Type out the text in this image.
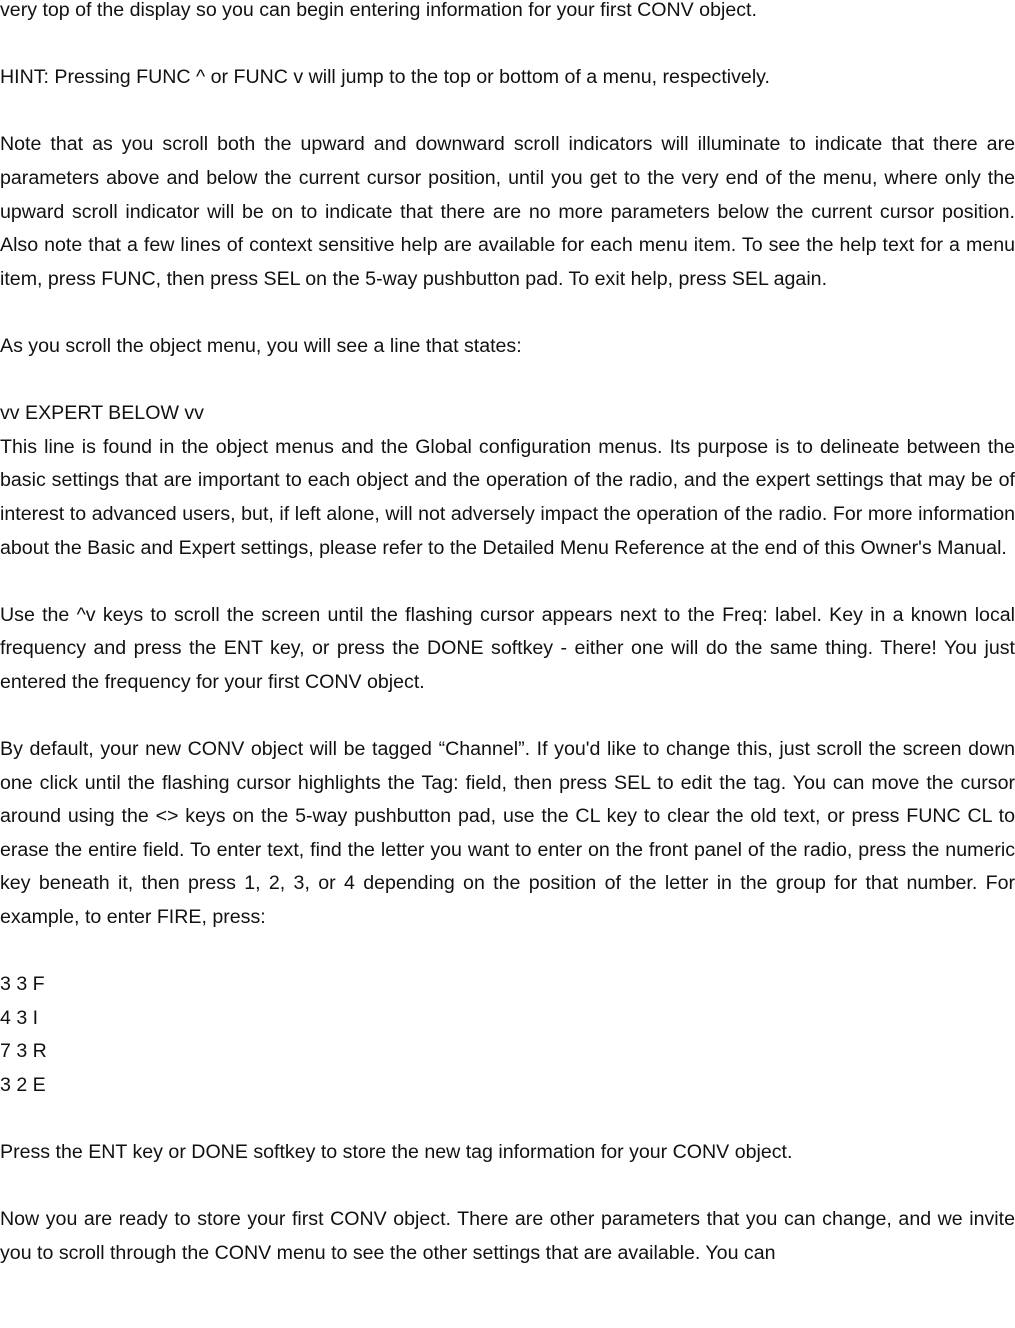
very top of the display so you can begin entering information for your first CONV object.

HINT: Pressing FUNC ^ or FUNC v will jump to the top or bottom of a menu, respectively.

Note that as you scroll both the upward and downward scroll indicators will illuminate to indicate that there are parameters above and below the current cursor position, until you get to the very end of the menu, where only the upward scroll indicator will be on to indicate that there are no more parameters below the current cursor position. Also note that a few lines of context sensitive help are available for each menu item. To see the help text for a menu item, press FUNC, then press SEL on the 5-way pushbutton pad. To exit help, press SEL again.

As you scroll the object menu, you will see a line that states:

vv EXPERT BELOW vv

This line is found in the object menus and the Global configuration menus. Its purpose is to delineate between the basic settings that are important to each object and the operation of the radio, and the expert settings that may be of interest to advanced users, but, if left alone, will not adversely impact the operation of the radio. For more information about the Basic and Expert settings, please refer to the Detailed Menu Reference at the end of this Owner's Manual.

Use the ^v keys to scroll the screen until the flashing cursor appears next to the Freq: label. Key in a known local frequency and press the ENT key, or press the DONE softkey - either one will do the same thing. There! You just entered the frequency for your first CONV object.

By default, your new CONV object will be tagged “Channel”. If you'd like to change this, just scroll the screen down one click until the flashing cursor highlights the Tag: field, then press SEL to edit the tag. You can move the cursor around using the <> keys on the 5-way pushbutton pad, use the CL key to clear the old text, or press FUNC CL to erase the entire field. To enter text, find the letter you want to enter on the front panel of the radio, press the numeric key beneath it, then press 1, 2, 3, or 4 depending on the position of the letter in the group for that number. For example, to enter FIRE, press:

3 3 F
4 3 I
7 3 R
3 2 E

Press the ENT key or DONE softkey to store the new tag information for your CONV object.

Now you are ready to store your first CONV object. There are other parameters that you can change, and we invite you to scroll through the CONV menu to see the other settings that are available. You can
